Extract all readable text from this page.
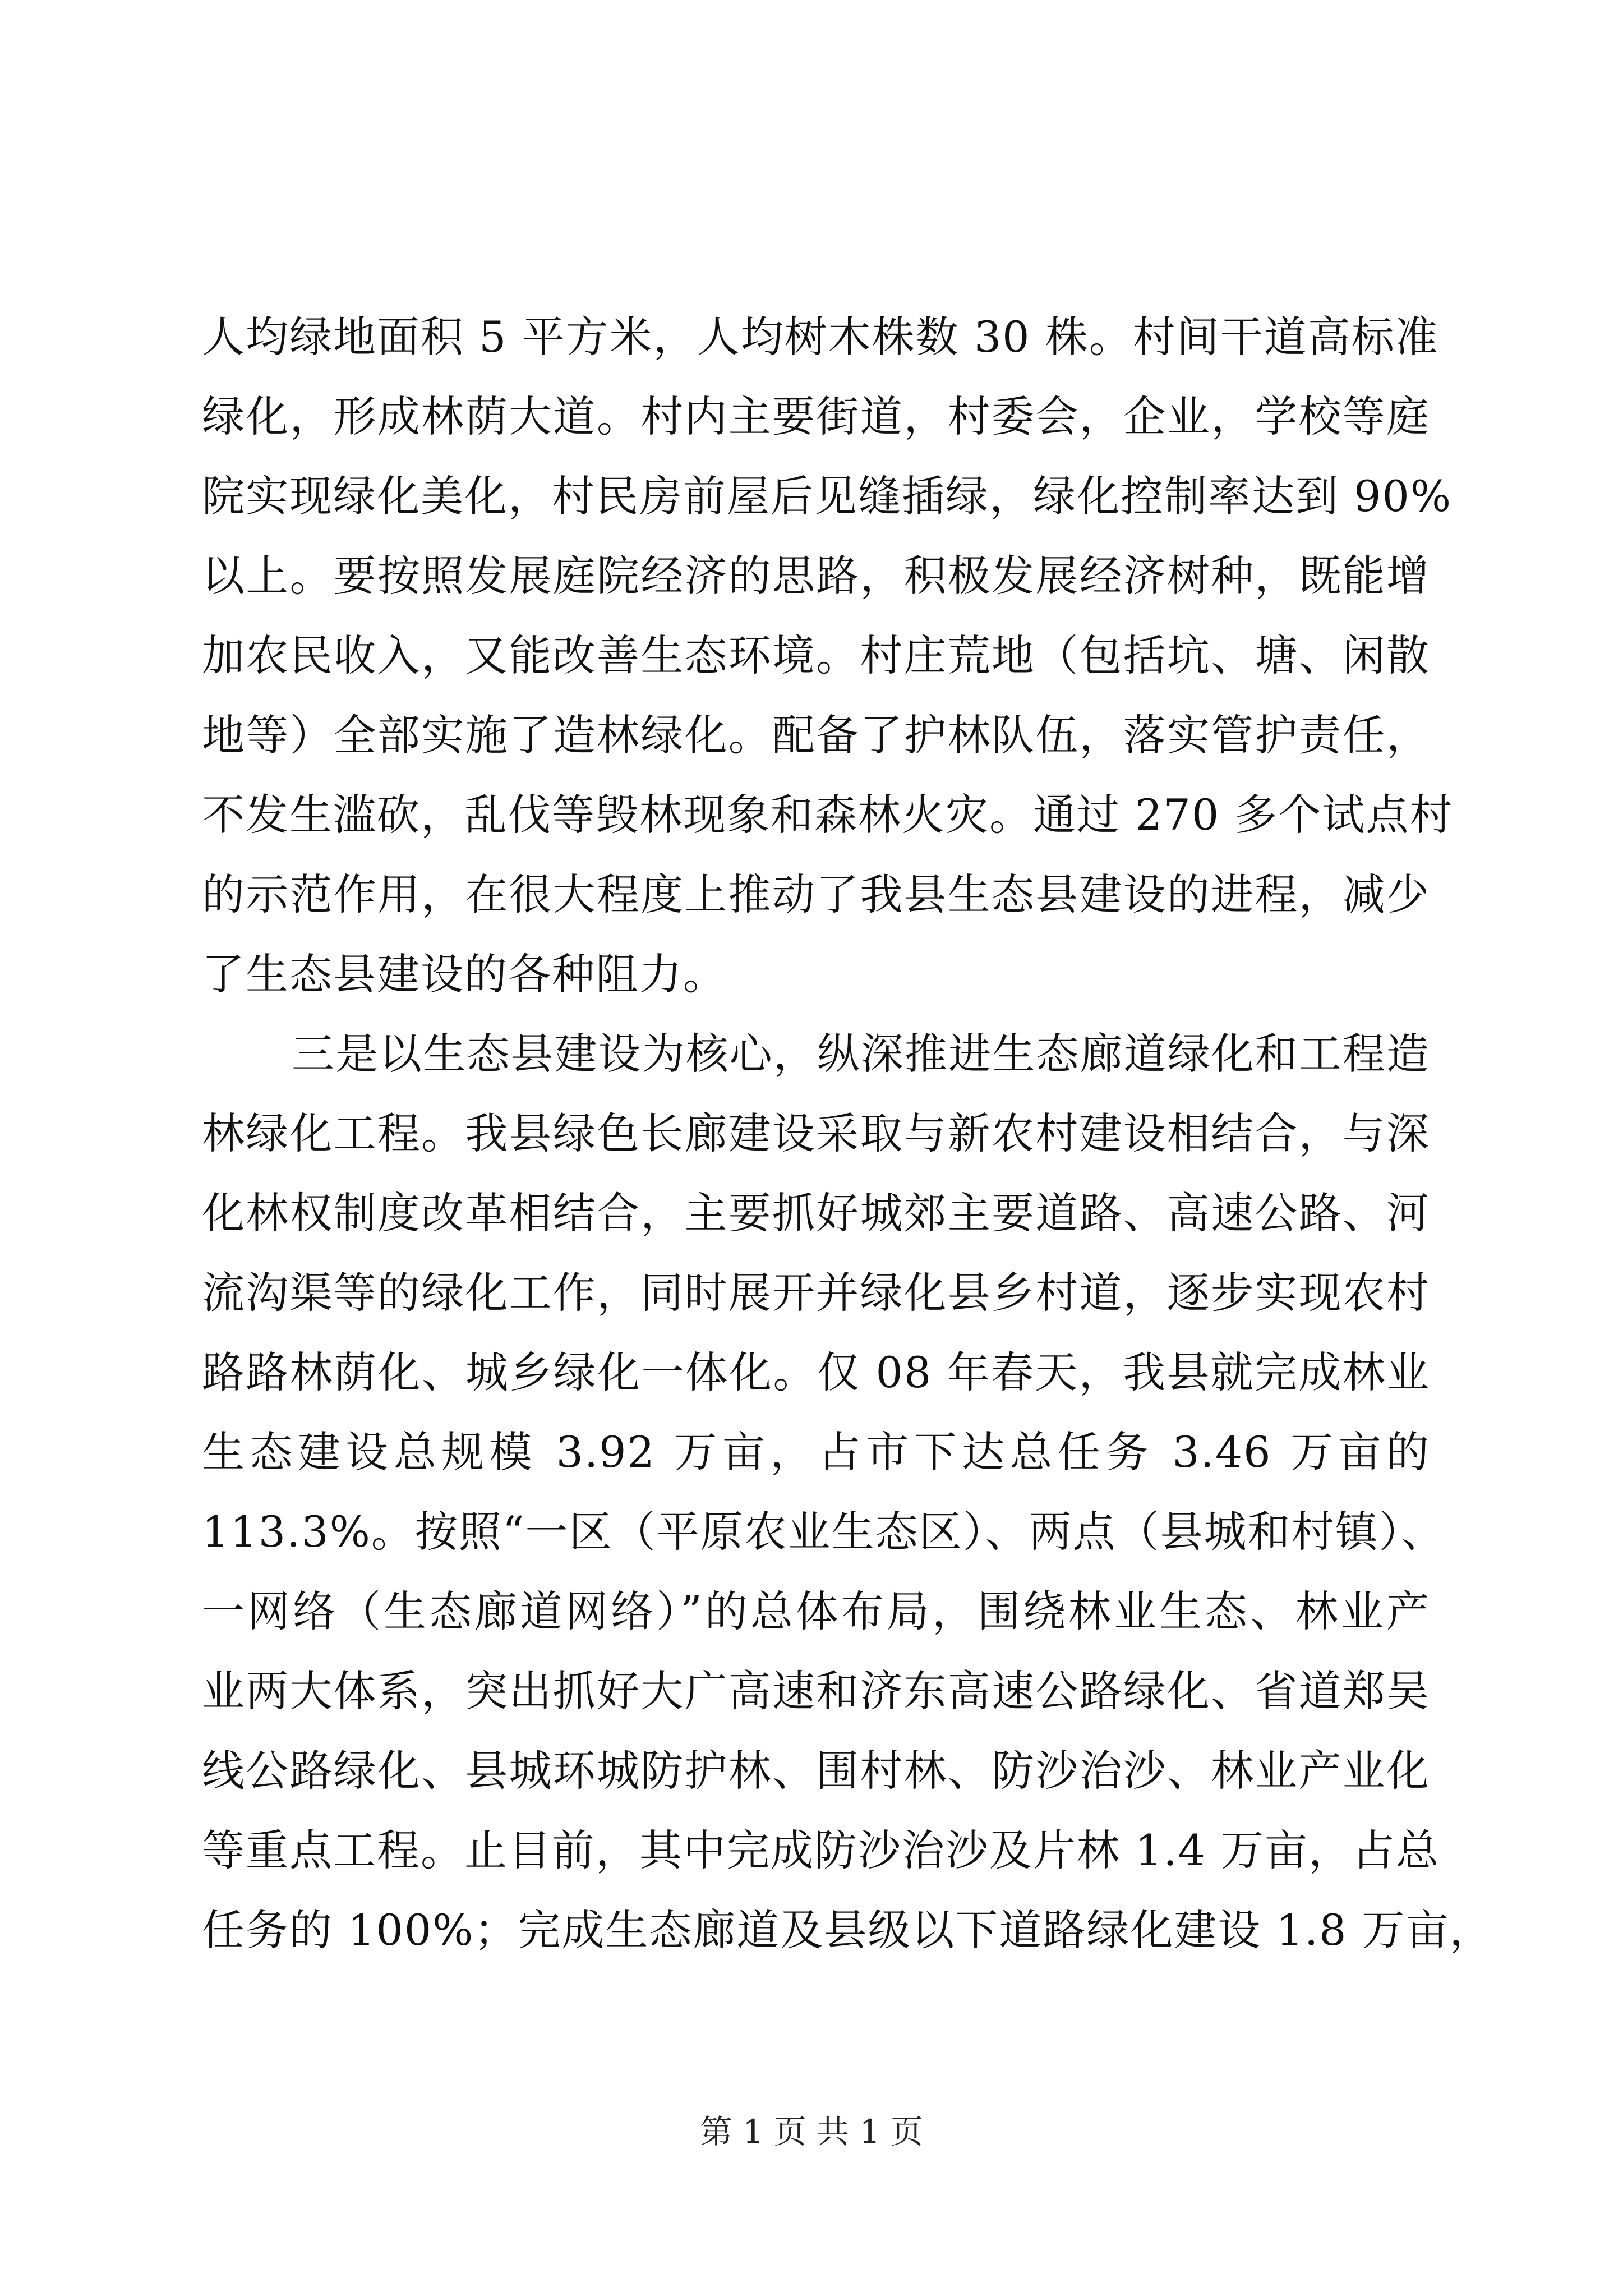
人均绿地面积 5 平方米，人均树木株数 30 株。村间干道高标准
绿化，形成林荫大道。村内主要街道，村委会，企业，学校等庭
院实现绿化美化，村民房前屋后见缝插绿，绿化控制率达到 90%
以上。要按照发展庭院经济的思路，积极发展经济树种，既能增
加农民收入，又能改善生态环境。村庄荒地（包括坑、塘、闲散
地等）全部实施了造林绿化。配备了护林队伍，落实管护责任，
不发生滥砍，乱伐等毁林现象和森林火灾。通过 270 多个试点村
的示范作用，在很大程度上推动了我县生态县建设的进程，减少
了生态县建设的各种阻力。
三是以生态县建设为核心，纵深推进生态廊道绿化和工程造
林绿化工程。我县绿色长廊建设采取与新农村建设相结合，与深
化林权制度改革相结合，主要抓好城郊主要道路、高速公路、河
流沟渠等的绿化工作，同时展开并绿化县乡村道，逐步实现农村
路路林荫化、城乡绿化一体化。仅 08 年春天，我县就完成林业
生态建设总规模 3.92 万亩，占市下达总任务 3.46 万亩的
113.3%。按照“一区（平原农业生态区）、两点（县城和村镇）、
一网络（生态廊道网络）”的总体布局，围绕林业生态、林业产
业两大体系，突出抓好大广高速和济东高速公路绿化、省道郑吴
线公路绿化、县城环城防护林、围村林、防沙治沙、林业产业化
等重点工程。止目前，其中完成防沙治沙及片林 1.4 万亩，占总
任务的 100%；完成生态廊道及县级以下道路绿化建设 1.8 万亩，
第 1 页 共 1 页
